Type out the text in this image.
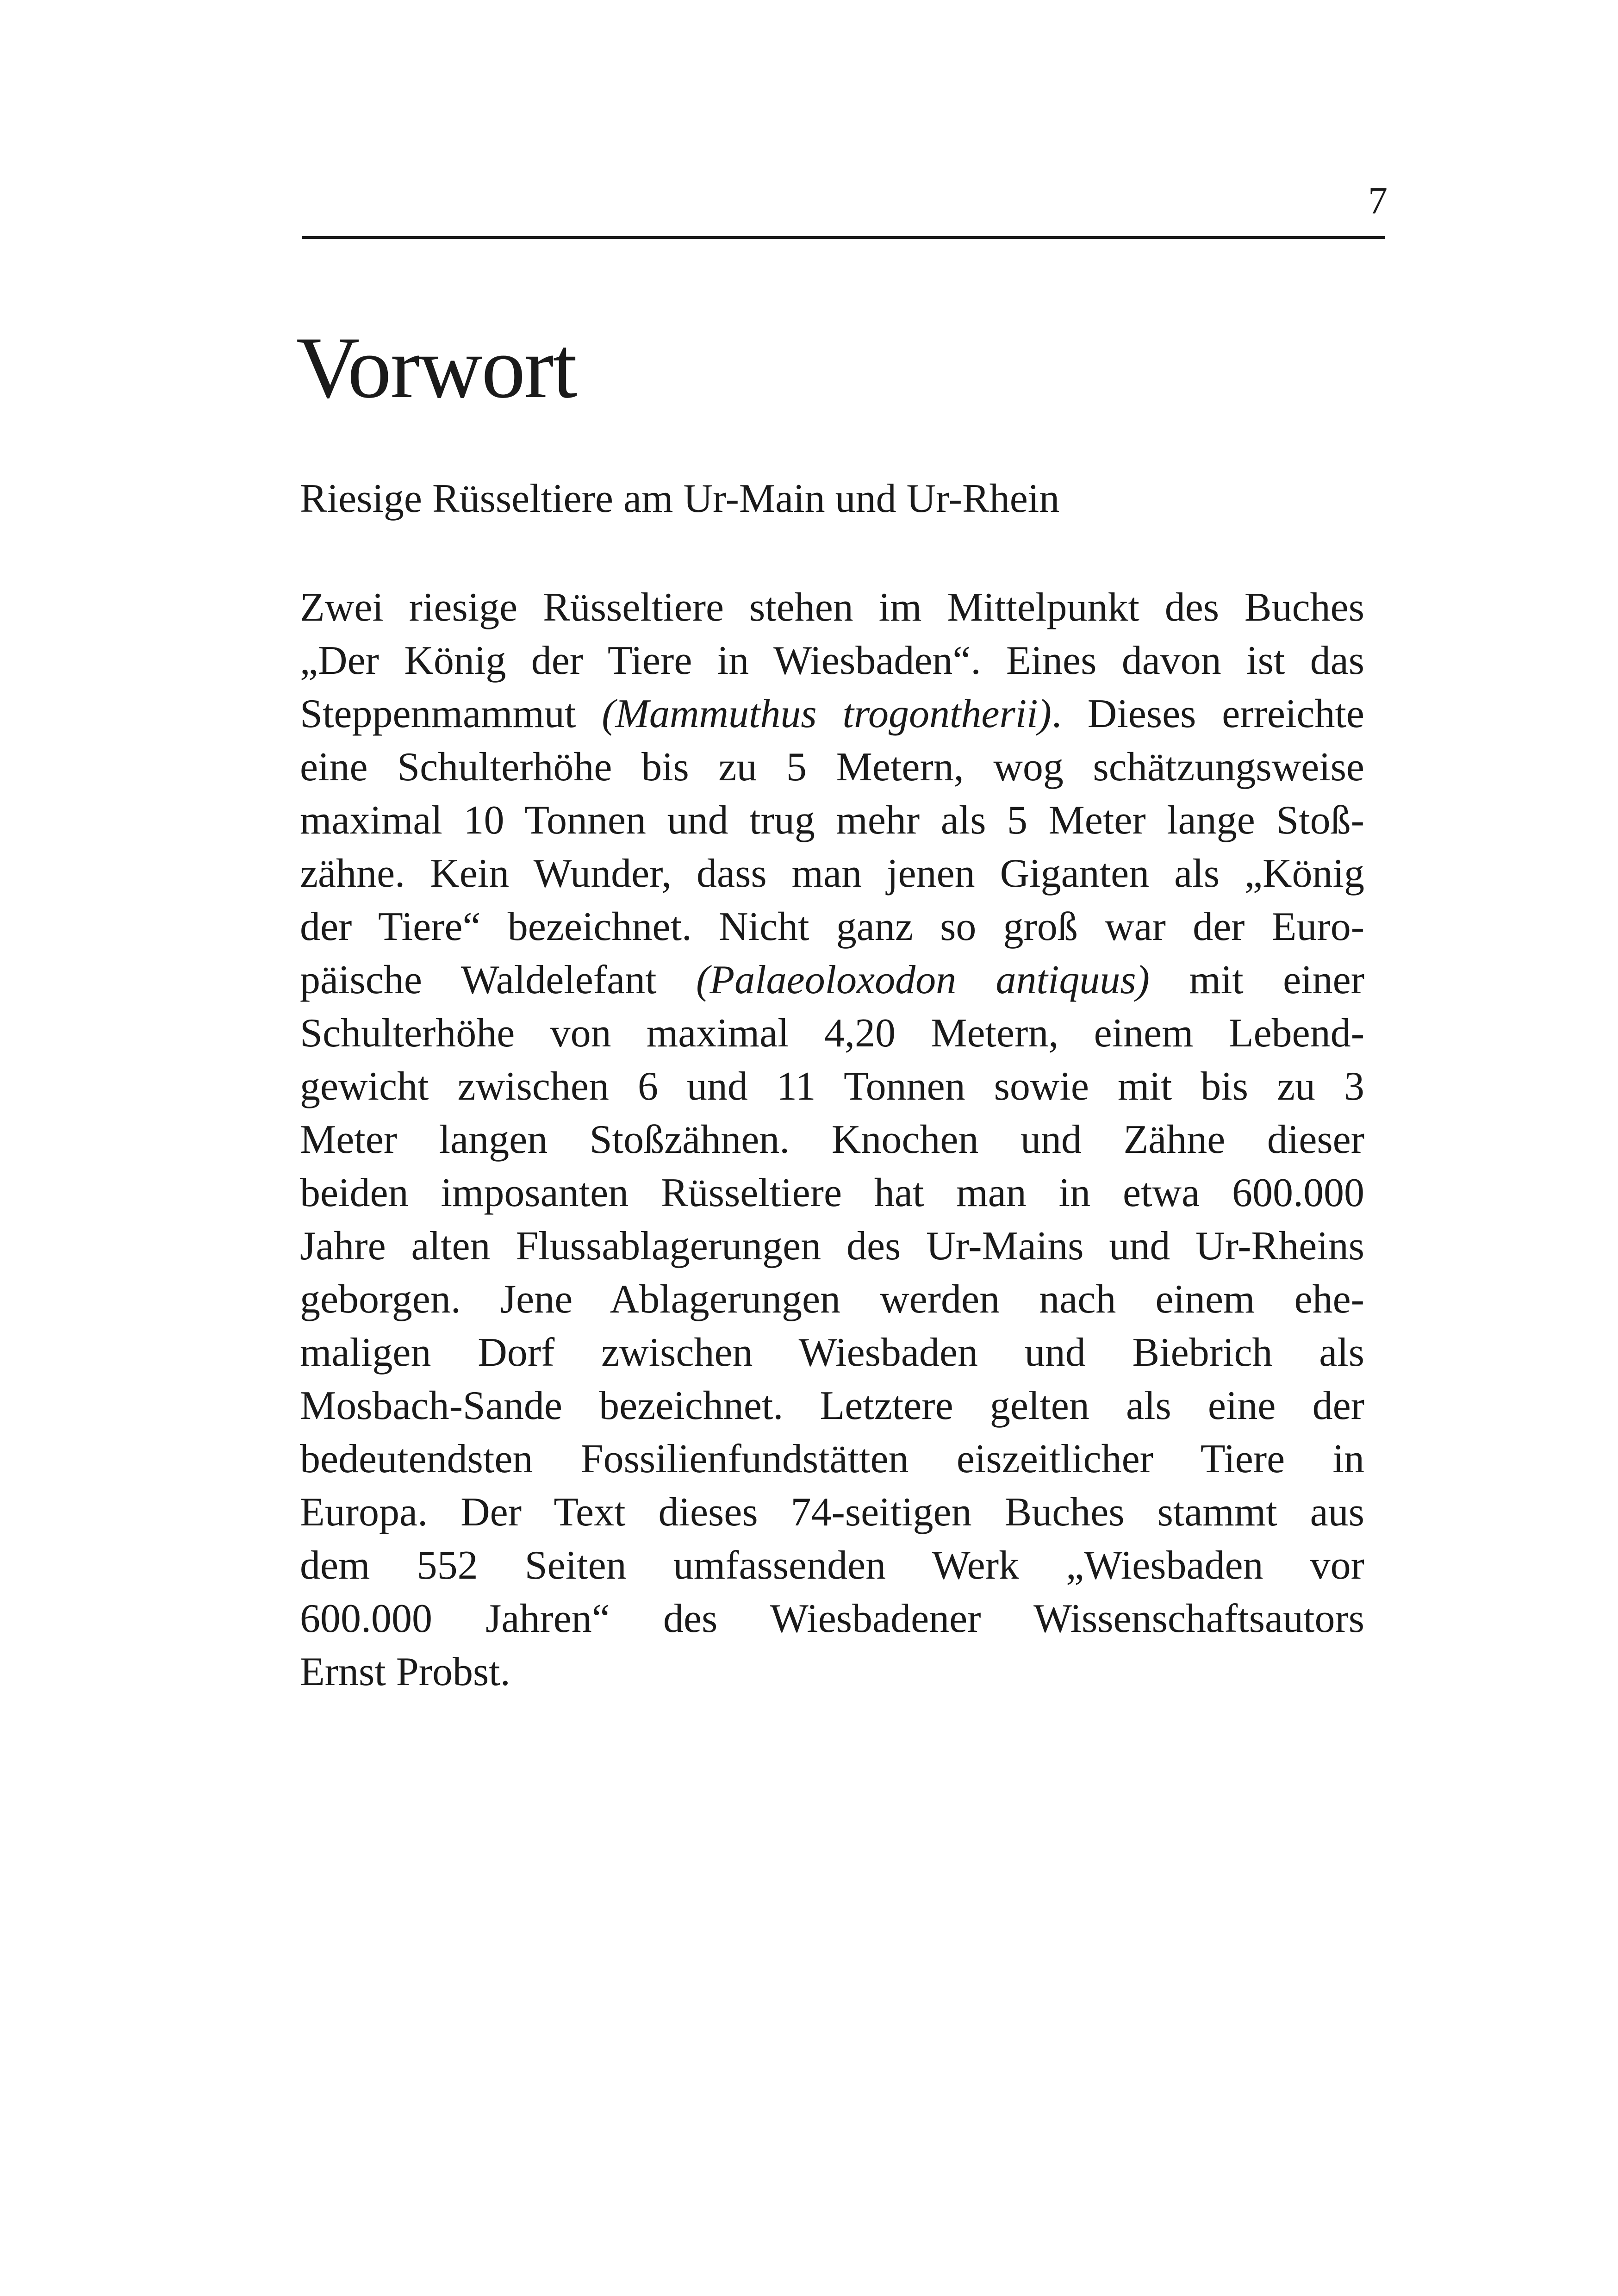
7
Vorwort

Riesige Rüsseltiere am Ur-Main und Ur-Rhein

Zwei riesige Rüsseltiere stehen im Mittelpunkt des Buches
„Der König der Tiere in Wiesbaden“. Eines davon ist das
Steppenmammut (Mammuthus trogontherii). Dieses erreichte
eine Schulterhöhe bis zu 5 Metern, wog schätzungsweise
maximal 10 Tonnen und trug mehr als 5 Meter lange Stoß-
zähne. Kein Wunder, dass man jenen Giganten als „König
der Tiere“ bezeichnet. Nicht ganz so groß war der Euro-
päische Waldelefant (Palaeoloxodon antiquus) mit einer
Schulterhöhe von maximal 4,20 Metern, einem Lebend-
gewicht zwischen 6 und 11 Tonnen sowie mit bis zu 3
Meter langen Stoßzähnen. Knochen und Zähne dieser
beiden imposanten Rüsseltiere hat man in etwa 600.000
Jahre alten Flussablagerungen des Ur-Mains und Ur-Rheins
geborgen. Jene Ablagerungen werden nach einem ehe-
maligen Dorf zwischen Wiesbaden und Biebrich als
Mosbach-Sande bezeichnet. Letztere gelten als eine der
bedeutendsten Fossilienfundstätten eiszeitlicher Tiere in
Europa. Der Text dieses 74-seitigen Buches stammt aus
dem 552 Seiten umfassenden Werk „Wiesbaden vor
600.000 Jahren“ des Wiesbadener Wissenschaftsautors
Ernst Probst.
